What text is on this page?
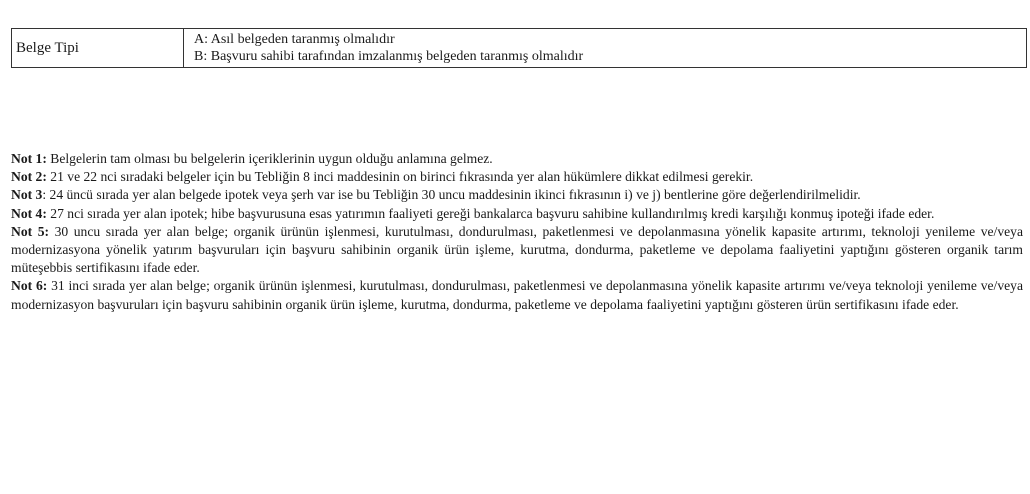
Belge Tipi	A: Asıl belgeden taranmış olmalıdır
B: Başvuru sahibi tarafından imzalanmış belgeden taranmış olmalıdır

Not 1: Belgelerin tam olması bu belgelerin içeriklerinin uygun olduğu anlamına gelmez.

Not 2: 21 ve 22 nci sıradaki belgeler için bu Tebliğin 8 inci maddesinin on birinci fıkrasında yer alan hükümlere dikkat edilmesi gerekir.

Not 3: 24 üncü sırada yer alan belgede ipotek veya şerh var ise bu Tebliğin 30 uncu maddesinin ikinci fıkrasının i) ve j) bentlerine göre değerlendirilmelidir.

Not 4: 27 nci sırada yer alan ipotek; hibe başvurusuna esas yatırımın faaliyeti gereği bankalarca başvuru sahibine kullandırılmış kredi karşılığı konmuş ipoteği ifade eder.

Not 5: 30 uncu sırada yer alan belge; organik ürünün işlenmesi, kurutulması, dondurulması, paketlenmesi ve depolanmasına yönelik kapasite artırımı, teknoloji yenileme ve/veya modernizasyona yönelik yatırım başvuruları için başvuru sahibinin organik ürün işleme, kurutma, dondurma, paketleme ve depolama faaliyetini yaptığını gösteren organik tarım müteşebbis sertifikasını ifade eder.

Not 6: 31 inci sırada yer alan belge; organik ürünün işlenmesi, kurutulması, dondurulması, paketlenmesi ve depolanmasına yönelik kapasite artırımı ve/veya teknoloji yenileme ve/veya modernizasyon başvuruları için başvuru sahibinin organik ürün işleme, kurutma, dondurma, paketleme ve depolama faaliyetini yaptığını gösteren ürün sertifikasını ifade eder.
